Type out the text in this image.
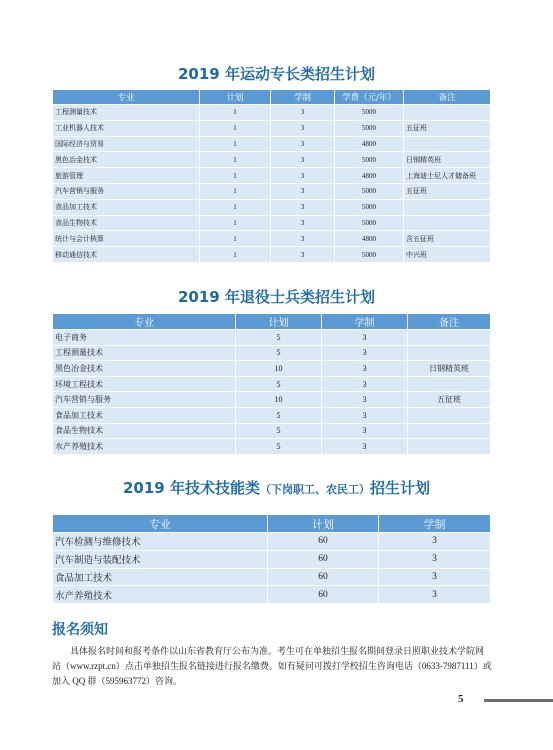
2019 年运动专长类招生计划
专业	计划	学制	学费（元/年）	备注
工程测量技术	1	3	5000	
工业机器人技术	1	3	5000	五征班
国际经济与贸易	1	3	4800	
黑色冶金技术	1	3	5000	日钢精英班
旅游管理	1	3	4800	上海迪士尼人才储备班
汽车营销与服务	1	3	5000	五征班
食品加工技术	1	3	5000	
食品生物技术	1	3	5000	
统计与会计核算	1	3	4800	含五征班
移动通信技术	1	3	5000	中兴班
2019 年退役士兵类招生计划
专业	计划	学制	备注
电子商务	5	3	
工程测量技术	5	3	
黑色冶金技术	10	3	日钢精英班
环境工程技术	5	3	
汽车营销与服务	10	3	五征班
食品加工技术	5	3	
食品生物技术	5	3	
水产养殖技术	5	3	
2019 年技术技能类（下岗职工、农民工）招生计划
专业	计划	学制
汽车检测与维修技术	60	3
汽车制造与装配技术	60	3
食品加工技术	60	3
水产养殖技术	60	3
报名须知
具体报名时间和报考条件以山东省教育厅公布为准。考生可在单独招生报名期间登录日照职业技术学院网站（www.rzpt.cn）点击单独招生报名链接进行报名缴费。如有疑问可拨打学校招生咨询电话（0633-7987111）或加入 QQ 群（595963772）咨询。
5
